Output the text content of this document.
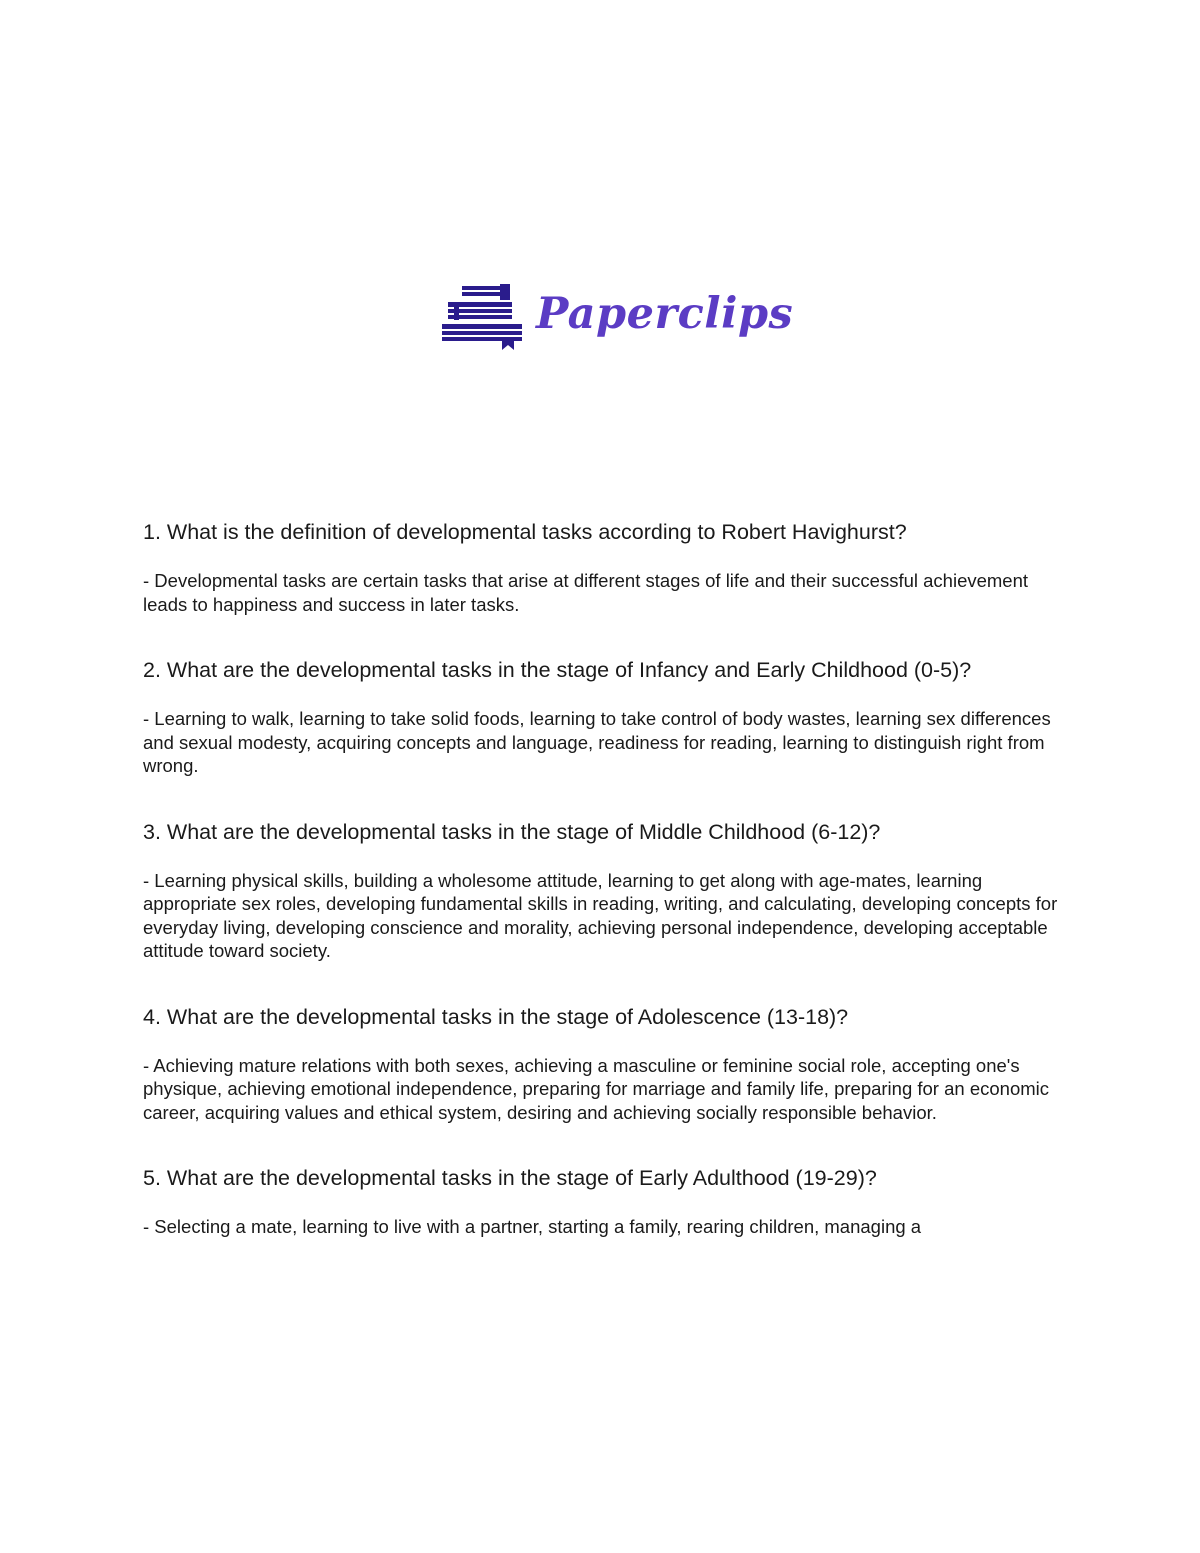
Paperclips

1. What is the definition of developmental tasks according to Robert Havighurst?

- Developmental tasks are certain tasks that arise at different stages of life and their successful achievement leads to happiness and success in later tasks.

2. What are the developmental tasks in the stage of Infancy and Early Childhood (0-5)?

- Learning to walk, learning to take solid foods, learning to take control of body wastes, learning sex differences and sexual modesty, acquiring concepts and language, readiness for reading, learning to distinguish right from wrong.

3. What are the developmental tasks in the stage of Middle Childhood (6-12)?

- Learning physical skills, building a wholesome attitude, learning to get along with age-mates, learning appropriate sex roles, developing fundamental skills in reading, writing, and calculating, developing concepts for everyday living, developing conscience and morality, achieving personal independence, developing acceptable attitude toward society.

4. What are the developmental tasks in the stage of Adolescence (13-18)?

- Achieving mature relations with both sexes, achieving a masculine or feminine social role, accepting one's physique, achieving emotional independence, preparing for marriage and family life, preparing for an economic career, acquiring values and ethical system, desiring and achieving socially responsible behavior.

5. What are the developmental tasks in the stage of Early Adulthood (19-29)?

- Selecting a mate, learning to live with a partner, starting a family, rearing children, managing a
